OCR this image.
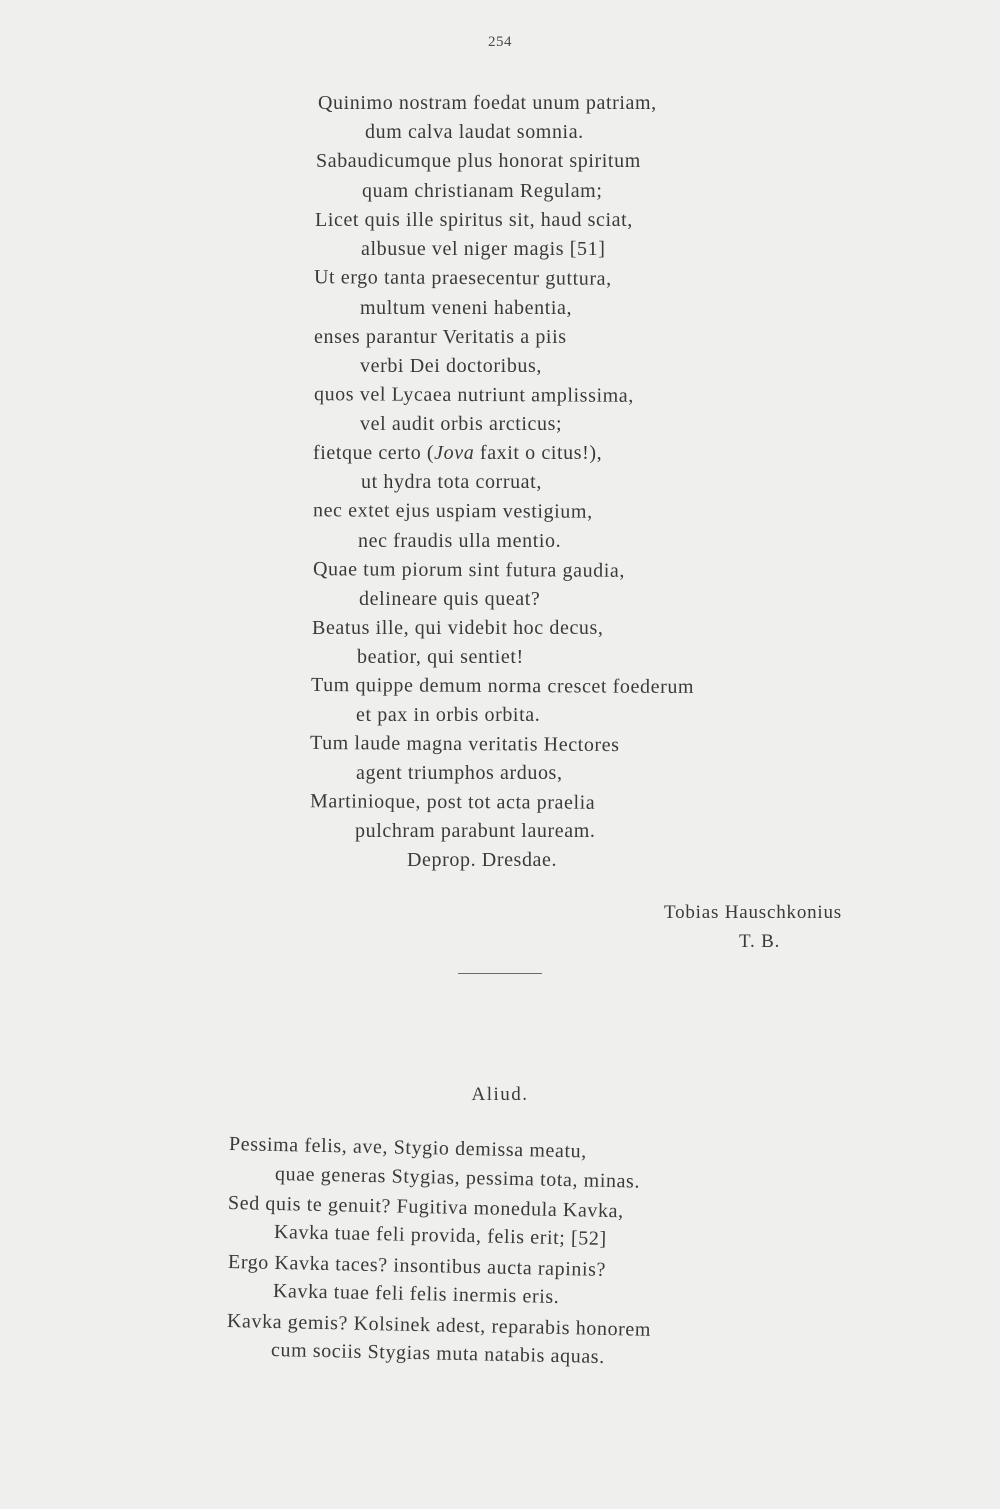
254
Quinimo nostram foedat unum patriam,
dum calva laudat somnia.
Sabaudicumque plus honorat spiritum
quam christianam Regulam;
Licet quis ille spiritus sit, haud sciat,
albusue vel niger magis [51]
Ut ergo tanta praesecentur guttura,
multum veneni habentia,
enses parantur Veritatis a piis
verbi Dei doctoribus,
quos vel Lycaea nutriunt amplissima,
vel audit orbis arcticus;
fietque certo (Jova faxit o citus!),
ut hydra tota corruat,
nec extet ejus uspiam vestigium,
nec fraudis ulla mentio.
Quae tum piorum sint futura gaudia,
delineare quis queat?
Beatus ille, qui videbit hoc decus,
beatior, qui sentiet!
Tum quippe demum norma crescet foederum
et pax in orbis orbita.
Tum laude magna veritatis Hectores
agent triumphos arduos,
Martinioque, post tot acta praelia
pulchram parabunt lauream.
Deprop. Dresdae.
Tobias Hauschkonius
T. B.
Aliud.
Pessima felis, ave, Stygio demissa meatu,
quae generas Stygias, pessima tota, minas.
Sed quis te genuit? Fugitiva monedula Kavka,
Kavka tuae feli provida, felis erit; [52]
Ergo Kavka taces? insontibus aucta rapinis?
Kavka tuae feli felis inermis eris.
Kavka gemis? Kolsinek adest, reparabis honorem
cum sociis Stygias muta natabis aquas.
